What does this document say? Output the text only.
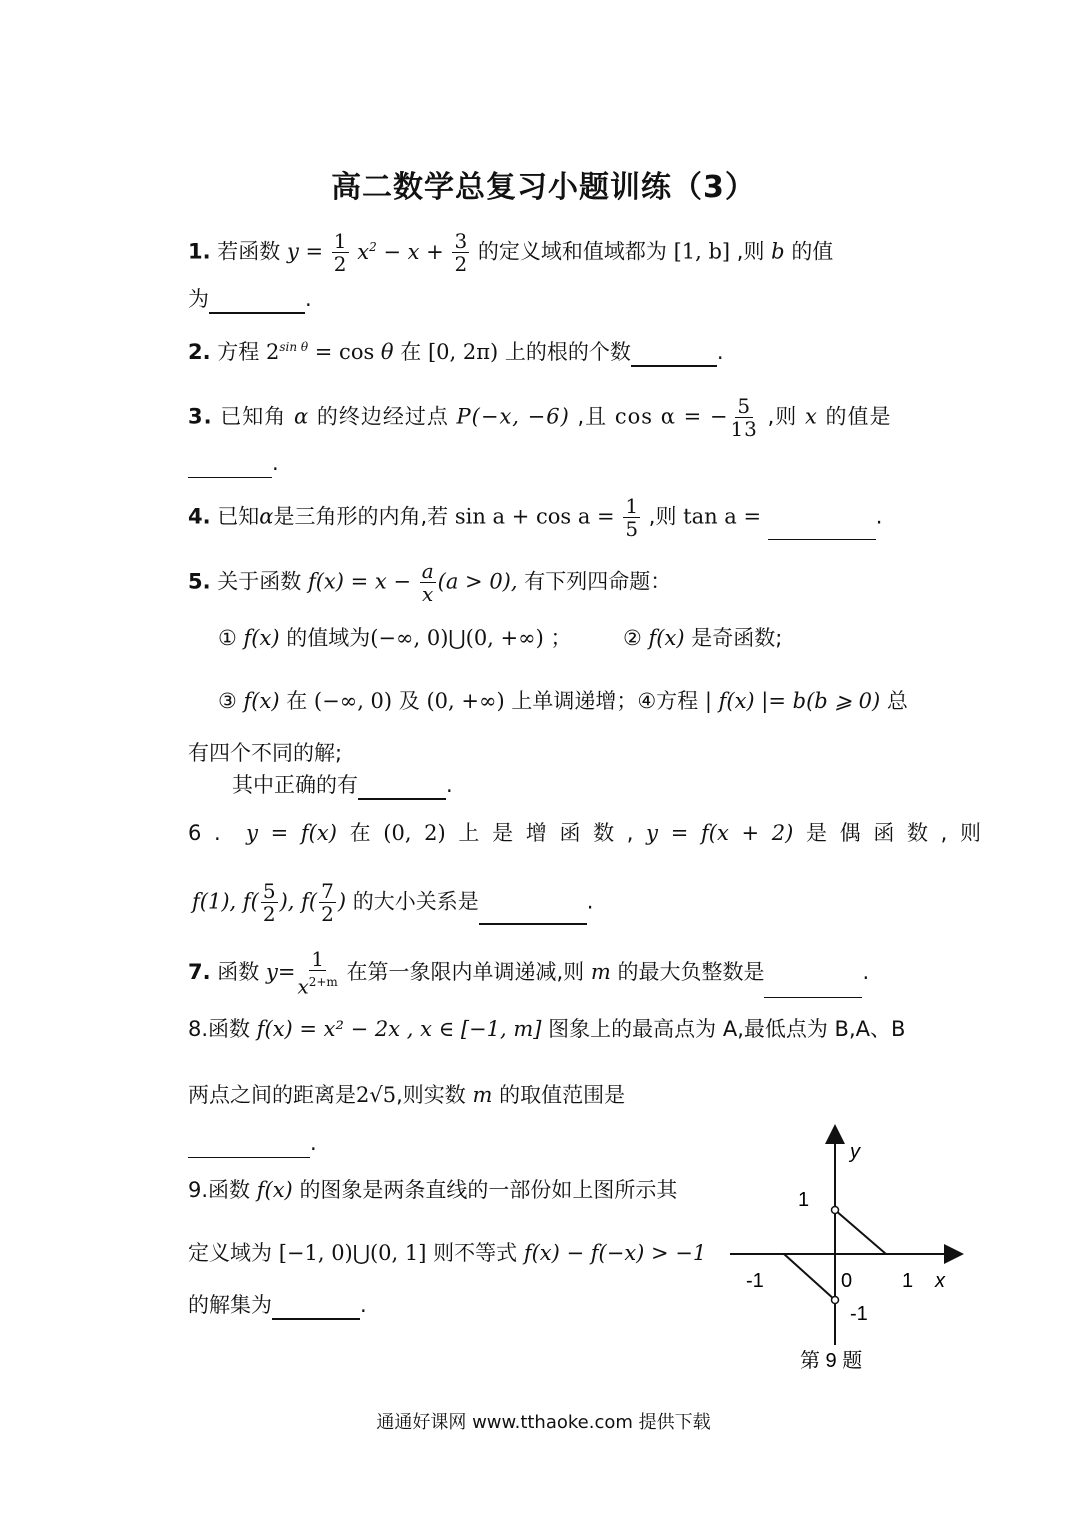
高二数学总复习小题训练（3）
1. 若函数 $y = \frac{1}{2} x^2 - x + \frac{3}{2}$ 的定义域和值域都为 [1, b] ,则 b 的值
为	.
2. 方程 $2^{sin \theta} = \cos \theta$ 在 [0, 2π) 上的根的个数	.
3. 已知角 α 的终边经过点 P(−x, −6) ,且 cos α = − $\frac{5}{13}$ ,则 x 的值是
.
4. 已知α是三角形的内角,若 $\sin a + \cos a = \frac{1}{5}$ ,则 tan a =	.
5. 关于函数 $f(x) = x - \frac{a}{x} (a > 0)$, 有下列四命题：
① f(x) 的值域为(−∞, 0)⋃(0, +∞) ； ② f(x) 是奇函数;
③ f(x) 在 (−∞, 0) 及 (0, +∞) 上单调递增；④方程 | f(x) |= b(b ⩾ 0) 总
有四个不同的解;
其中正确的有	.
6 . y = f(x) 在 (0, 2) 上 是 增 函 数 , y = f(x + 2) 是 偶 函 数 , 则
f(1), $f( \frac{5}{2}$ ), $f( \frac{7}{2}$ ) 的大小关系是	.
7. 函数 $y= \frac{1}{x^{2+m}}$ 在第一象限内单调递减,则 m 的最大负整数是	.
8.函数 f(x) = x² − 2x , x ∈ [−1, m] 图象上的最高点为 A,最低点为 B,A、B
两点之间的距离是2√5,则实数 m 的取值范围是
.
9.函数 f(x) 的图象是两条直线的一部份如上图所示其
定义域为 [−1, 0)⋃(0, 1] 则不等式 f(x) − f(−x) > −1
的解集为	.
y
x
1
-1	0 1
-1
第 9 题
通通好课网 www.tthaoke.com 提供下载
